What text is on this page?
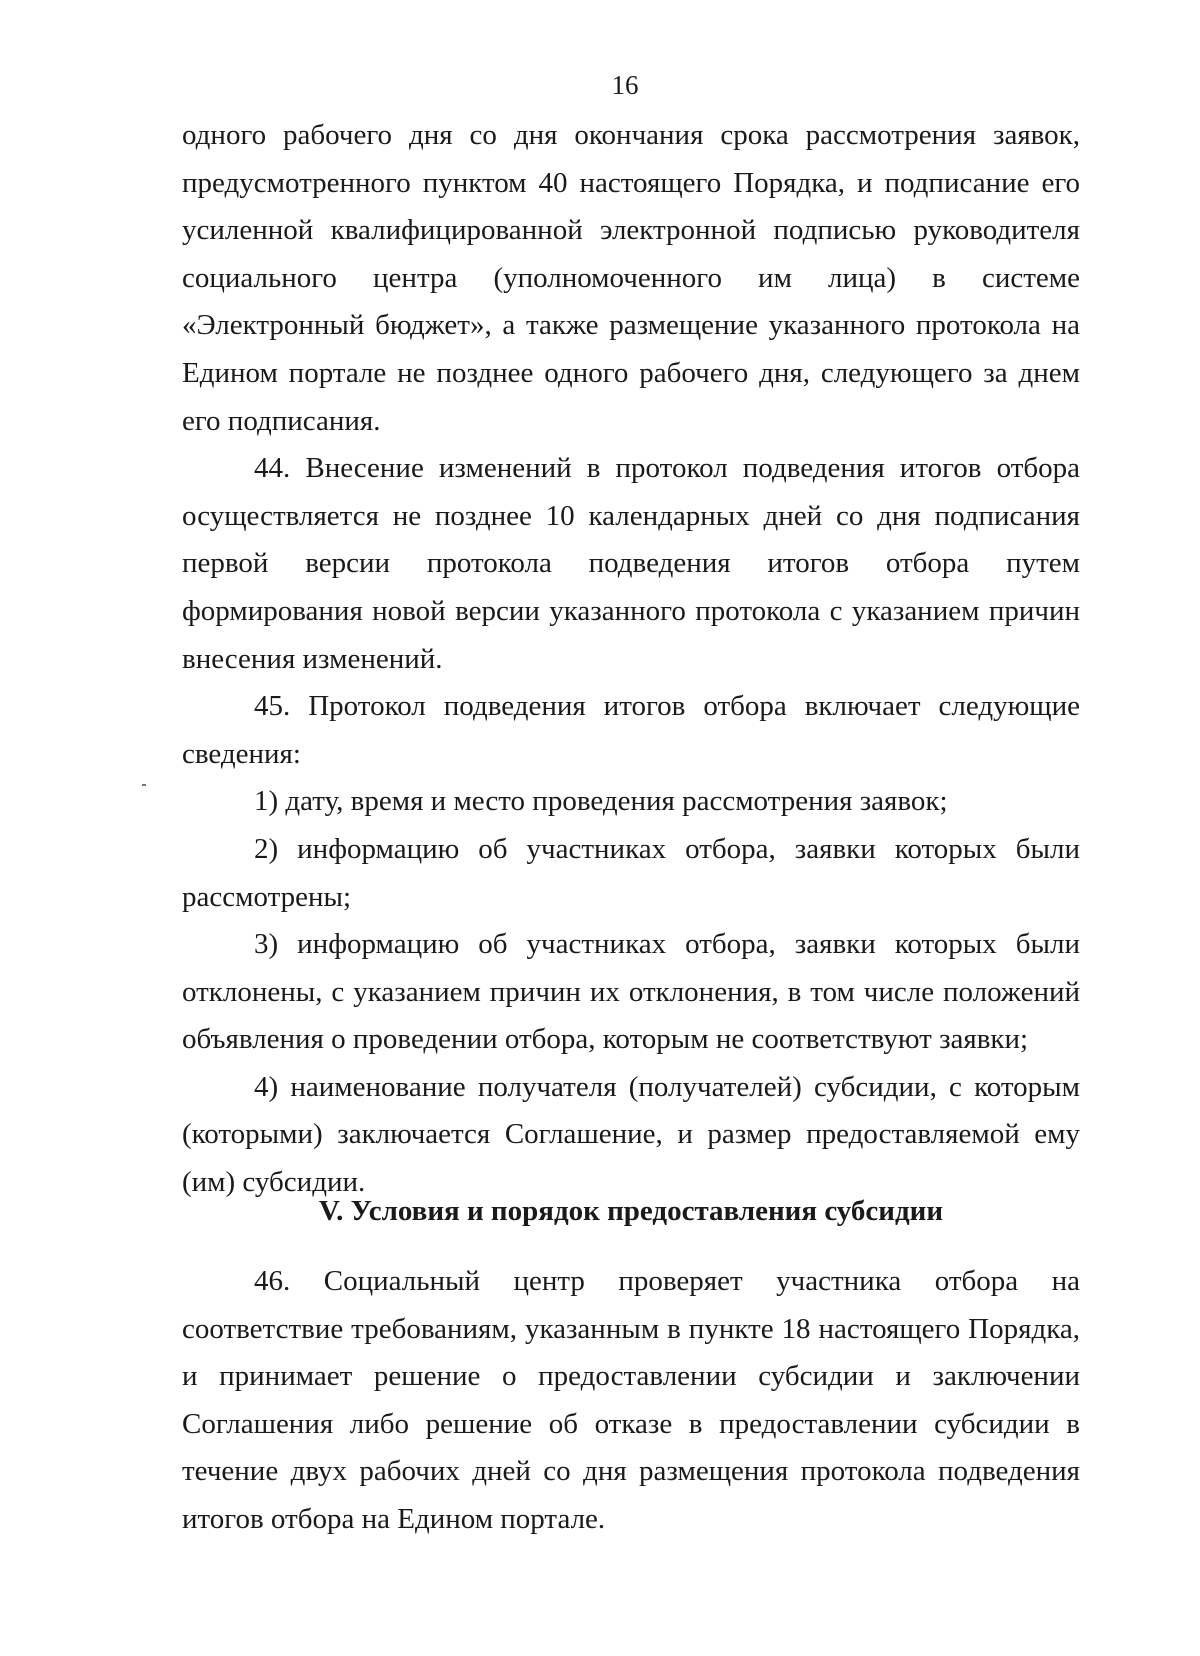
16

одного рабочего дня со дня окончания срока рассмотрения заявок, предусмотренного пунктом 40 настоящего Порядка, и подписание его усиленной квалифицированной электронной подписью руководителя социального центра (уполномоченного им лица) в системе «Электронный бюджет», а также размещение указанного протокола на Едином портале не позднее одного рабочего дня, следующего за днем его подписания.

44. Внесение изменений в протокол подведения итогов отбора осуществляется не позднее 10 календарных дней со дня подписания первой версии протокола подведения итогов отбора путем формирования новой версии указанного протокола с указанием причин внесения изменений.

45. Протокол подведения итогов отбора включает следующие сведения:

1) дату, время и место проведения рассмотрения заявок;

2) информацию об участниках отбора, заявки которых были рассмотрены;

3) информацию об участниках отбора, заявки которых были отклонены, с указанием причин их отклонения, в том числе положений объявления о проведении отбора, которым не соответствуют заявки;

4) наименование получателя (получателей) субсидии, с которым (которыми) заключается Соглашение, и размер предоставляемой ему (им) субсидии.

V. Условия и порядок предоставления субсидии

46. Социальный центр проверяет участника отбора на соответствие требованиям, указанным в пункте 18 настоящего Порядка, и принимает решение о предоставлении субсидии и заключении Соглашения либо решение об отказе в предоставлении субсидии в течение двух рабочих дней со дня размещения протокола подведения итогов отбора на Едином портале.
